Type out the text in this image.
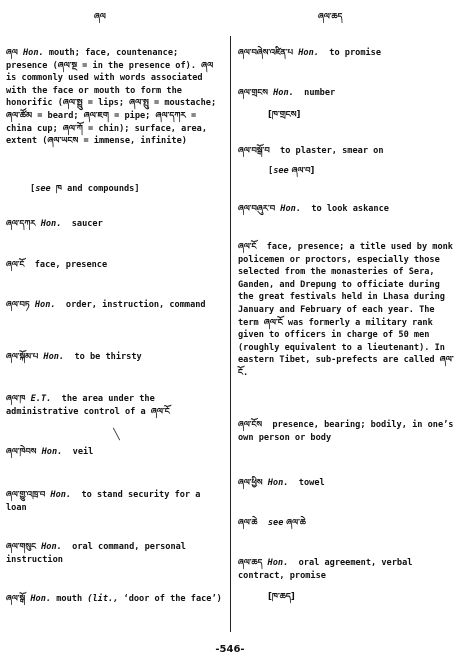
ཞལ	ཞལ་ཆད
ཞལ Hon. mouth; face, countenance; presence (ཞལ་སྔ = in the presence of). ཞལ is commonly used with words associated with the face or mouth to form the honorific (ཞལ་སྤྲུ = lips; ཞལ་སྤུ = moustache; ཞལ་ཚོམ = beard; ཞལ་ཇག = pipe; ཞལ་དཀར = china cup; ཞལ་ཀོ = chin); surface, area, extent (ཞལ་ཡངས = immense, infinite)
[see ཁ and compounds]
ཞལ་དཀར Hon.  saucer
ཞལ་ངོ  face, presence
ཞལ་བཏ Hon.  order, instruction, command
ཞལ་སྐོམ་པ Hon.  to be thirsty
ཞལ་ཁ E.T.  the area under the administrative control of a ཞལ་ངོ
ཞལ་ཁེབས Hon.  veil
ཞལ་གྱུ་འཁྲ་བ Hon.  to stand security for a loan
ཞལ་གསུང Hon.  oral command, personal instruction
ཞལ་སྒོ Hon. mouth (lit., ‘door of the face’)
ཞལ་བཞེས་འཛིན་པ Hon.  to promise
ཞལ་གྲངས Hon.  number
[ཁ་གྲངས]
ཞལ་བསྒོ་བ  to plaster, smear on
[see ཞལ་བ]
ཞལ་བཞུར་བ Hon.  to look askance
ཞལ་ངོ  face, presence; a title used by monk policemen or proctors, especially those selected from the monasteries of Sera, Ganden, and Drepung to officiate during the great festivals held in Lhasa during January and February of each year. The term ཞལ་ངོ was formerly a military rank given to officers in charge of 50 men (roughly equivalent to a lieutenant). In eastern Tibet, sub-prefects are called ཞལ་ངོ.
ཞལ་ངོས  presence, bearing; bodily, in one’s own person or body
ཞལ་ཕྱིས Hon.  towel
ཞལ་ཆེ see ཞལ་ཆེ
ཞལ་ཆད Hon.  oral agreement, verbal contract, promise
[ཁ་ཆད]
-546-
